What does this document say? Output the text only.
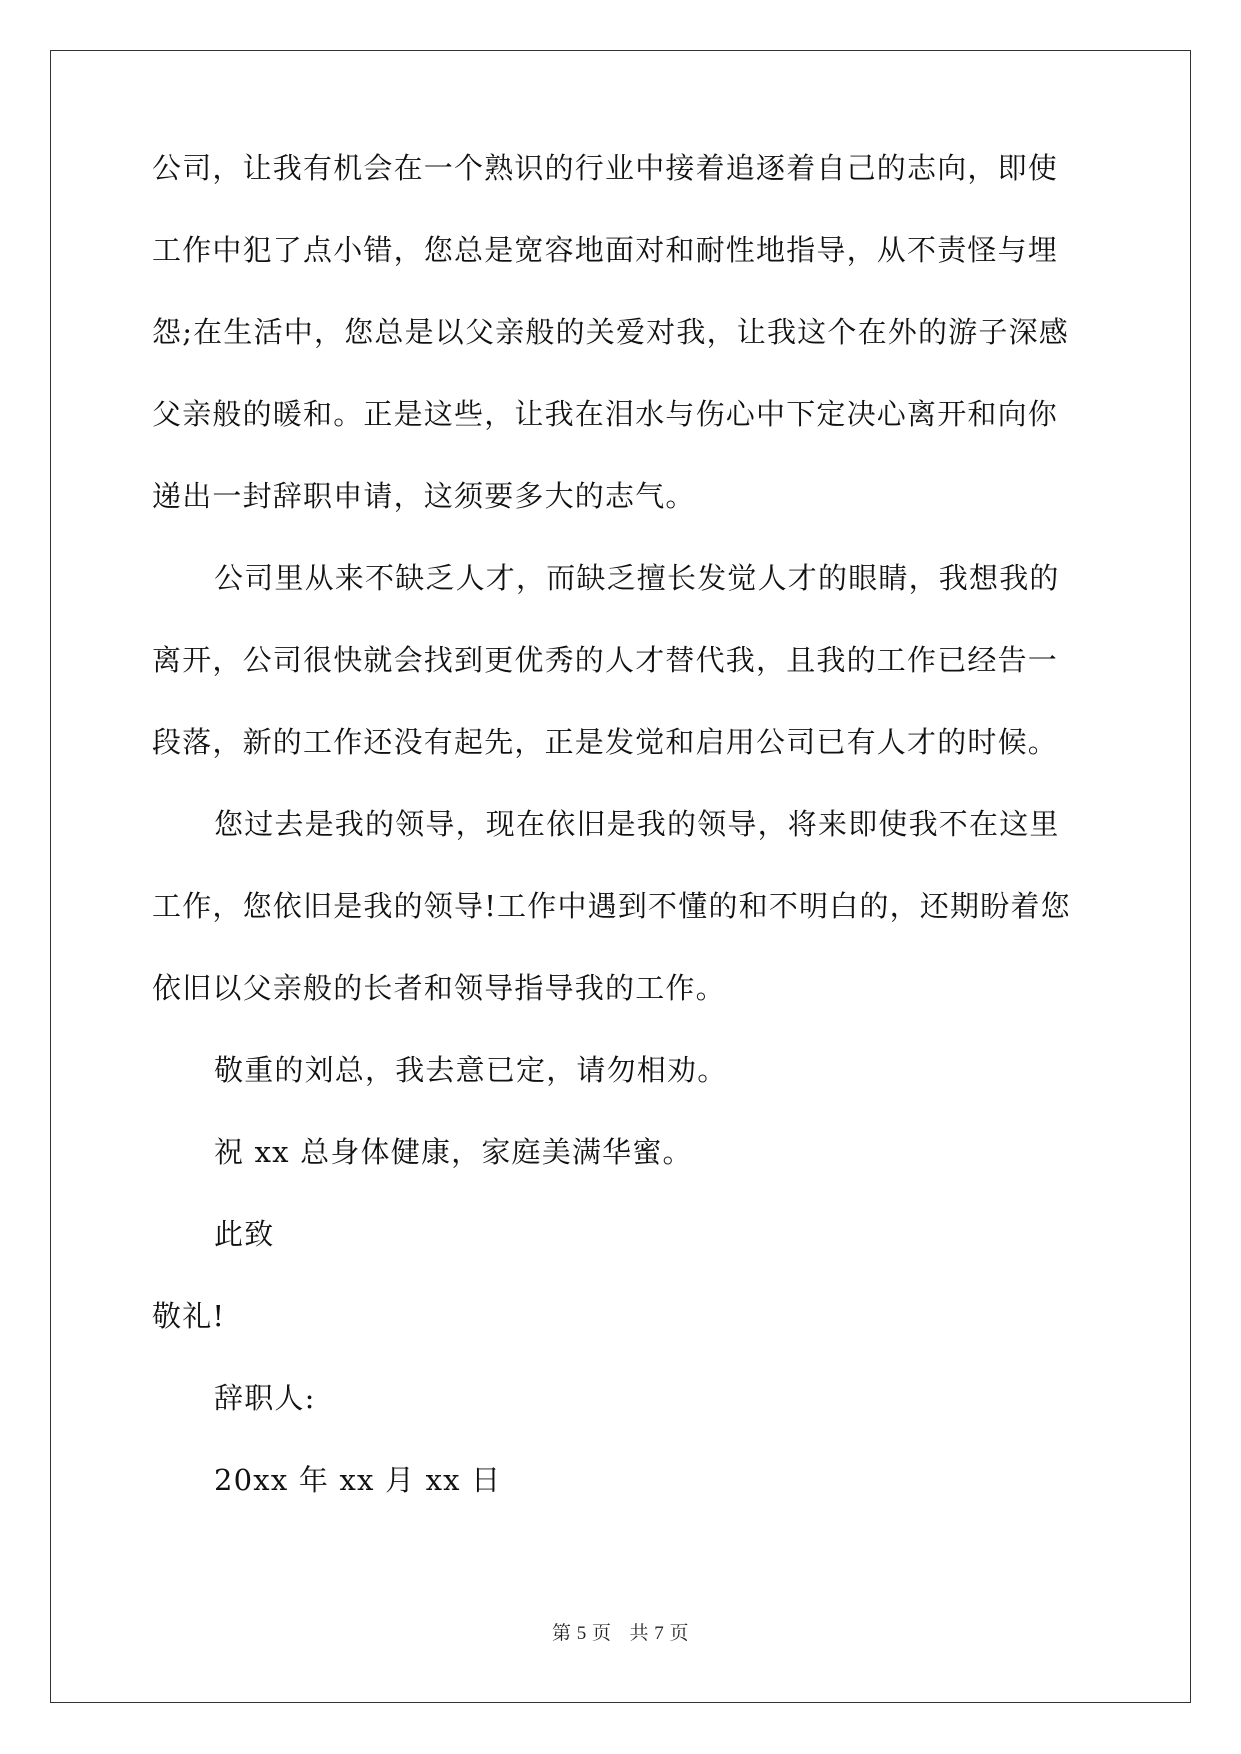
公司，让我有机会在一个熟识的行业中接着追逐着自己的志向，即使
工作中犯了点小错，您总是宽容地面对和耐性地指导，从不责怪与埋
怨;在生活中，您总是以父亲般的关爱对我，让我这个在外的游子深感
父亲般的暖和。正是这些，让我在泪水与伤心中下定决心离开和向你
递出一封辞职申请，这须要多大的志气。
公司里从来不缺乏人才，而缺乏擅长发觉人才的眼睛，我想我的
离开，公司很快就会找到更优秀的人才替代我，且我的工作已经告一
段落，新的工作还没有起先，正是发觉和启用公司已有人才的时候。
您过去是我的领导，现在依旧是我的领导，将来即使我不在这里
工作，您依旧是我的领导!工作中遇到不懂的和不明白的，还期盼着您
依旧以父亲般的长者和领导指导我的工作。
敬重的刘总，我去意已定，请勿相劝。
祝 xx 总身体健康，家庭美满华蜜。
此致
敬礼!
辞职人:
20xx 年 xx 月 xx 日
第 5 页 共 7 页
